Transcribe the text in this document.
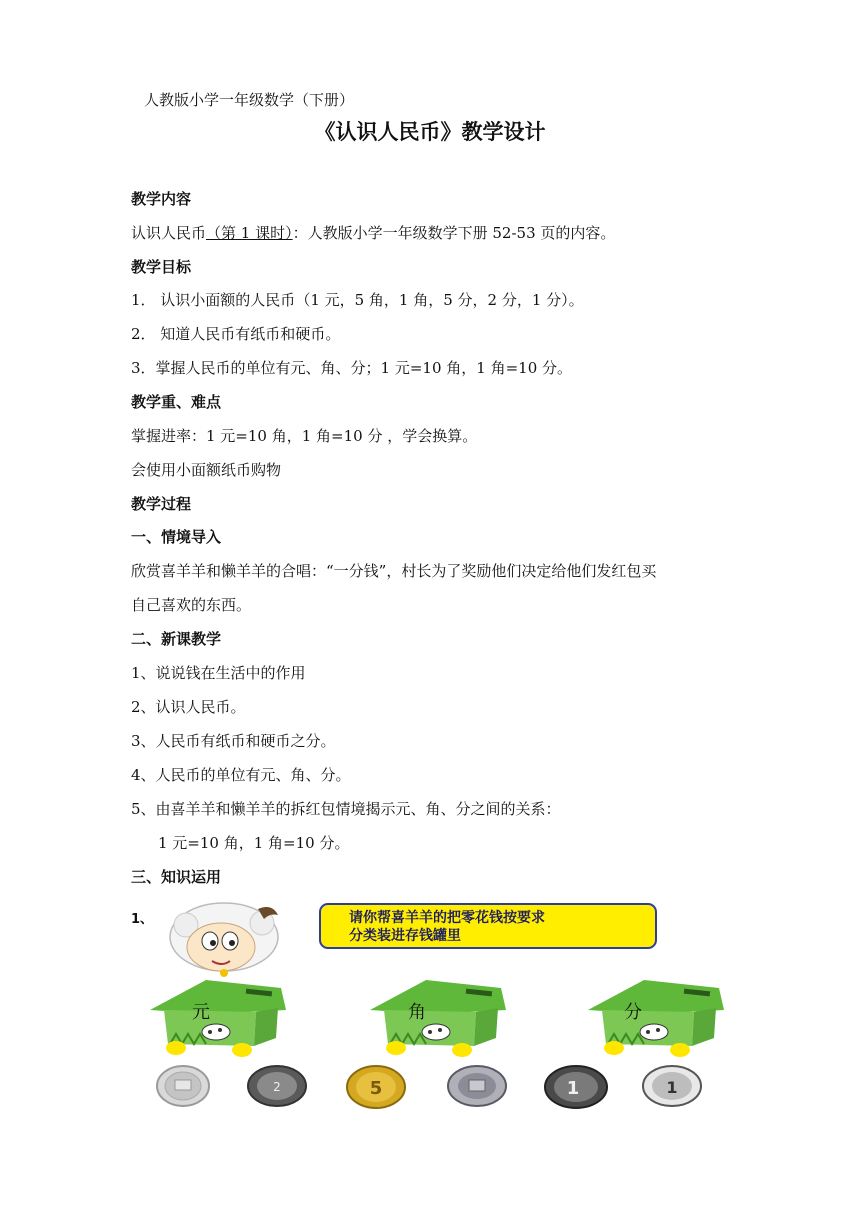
人教版小学一年级数学（下册）
《认识人民币》教学设计
教学内容
认识人民币（第 1 课时）：人教版小学一年级数学下册 52-53 页的内容。
教学目标
1． 认识小面额的人民币（1 元，5 角，1 角，5 分，2 分，1 分）。
2． 知道人民币有纸币和硬币。
3．掌握人民币的单位有元、角、分；1 元=10 角，1 角=10 分。
教学重、难点
掌握进率：1 元=10 角，1 角=10 分 ，学会换算。
会使用小面额纸币购物
教学过程
一、情境导入
欣赏喜羊羊和懒羊羊的合唱：“一分钱”，村长为了奖励他们决定给他们发红包买
自己喜欢的东西。
二、新课教学
1、说说钱在生活中的作用
2、认识人民币。
3、人民币有纸币和硬币之分。
4、人民币的单位有元、角、分。
5、由喜羊羊和懒羊羊的拆红包情境揭示元、角、分之间的关系：
1 元=10 角，1 角=10 分。
三、知识运用
1、	请你帮喜羊羊的把零花钱按要求
分类装进存钱罐里
元	角	分
2	5	1	1
